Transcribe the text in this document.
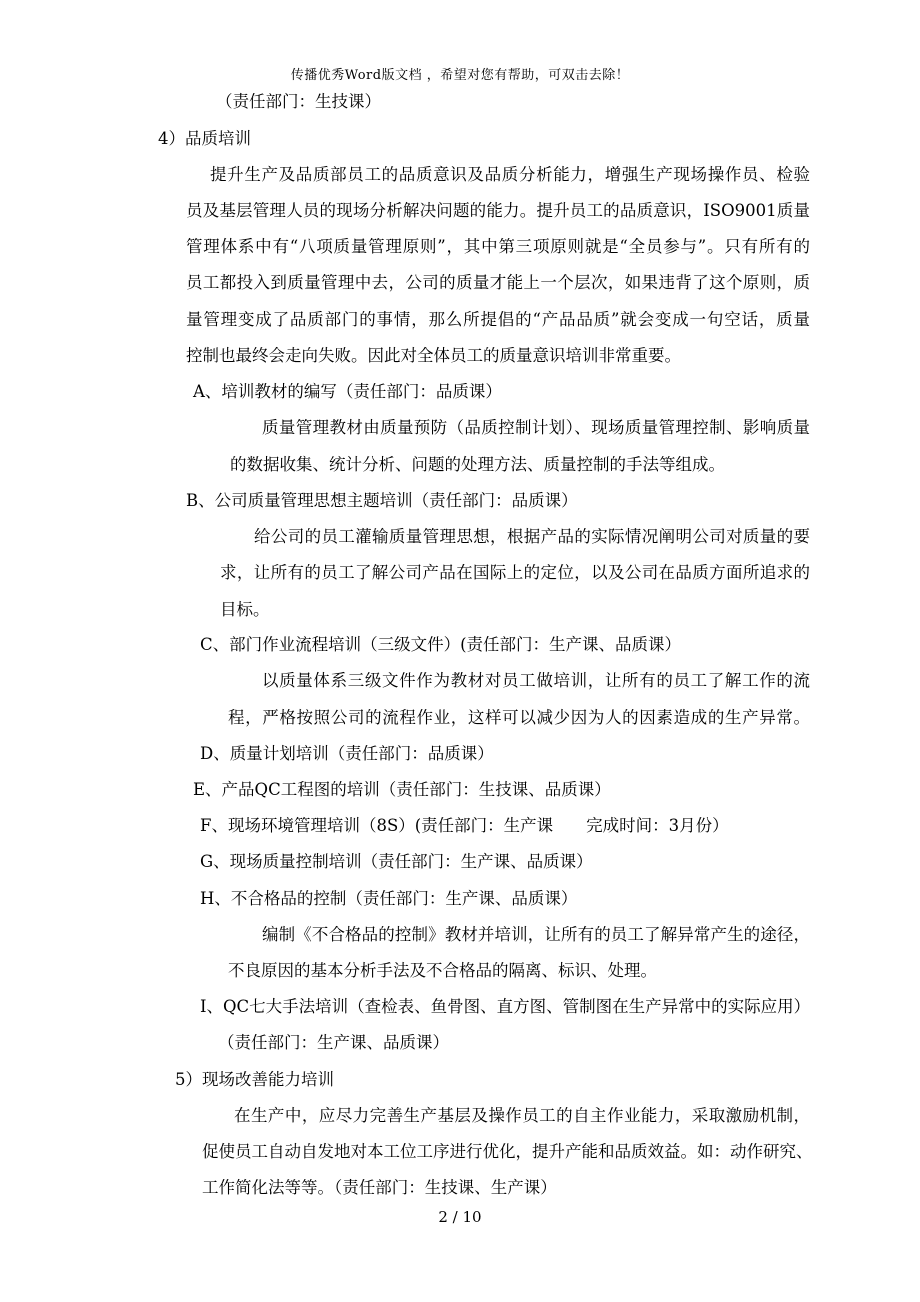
传播优秀Word版文档 ，希望对您有帮助，可双击去除！
（责任部门：生技课）
4）品质培训
提升生产及品质部员工的品质意识及品质分析能力，增强生产现场操作员、检验
员及基层管理人员的现场分析解决问题的能力。提升员工的品质意识，ISO9001质量
管理体系中有“八项质量管理原则”，其中第三项原则就是“全员参与”。只有所有的
员工都投入到质量管理中去，公司的质量才能上一个层次，如果违背了这个原则，质
量管理变成了品质部门的事情，那么所提倡的“产品品质”就会变成一句空话，质量
控制也最终会走向失败。因此对全体员工的质量意识培训非常重要。
A、培训教材的编写（责任部门：品质课）
质量管理教材由质量预防（品质控制计划）、现场质量管理控制、影响质量
的数据收集、统计分析、问题的处理方法、质量控制的手法等组成。
B、公司质量管理思想主题培训（责任部门：品质课）
给公司的员工灌输质量管理思想，根据产品的实际情况阐明公司对质量的要
求，让所有的员工了解公司产品在国际上的定位，以及公司在品质方面所追求的
目标。
C、部门作业流程培训（三级文件）(责任部门：生产课、品质课）
以质量体系三级文件作为教材对员工做培训，让所有的员工了解工作的流
程，严格按照公司的流程作业，这样可以减少因为人的因素造成的生产异常。
D、质量计划培训（责任部门：品质课）
E、产品QC工程图的培训（责任部门：生技课、品质课）
F、现场环境管理培训（8S）(责任部门：生产课　　完成时间：3月份）
G、现场质量控制培训（责任部门：生产课、品质课）
H、不合格品的控制（责任部门：生产课、品质课）
编制《不合格品的控制》教材并培训，让所有的员工了解异常产生的途径，
不良原因的基本分析手法及不合格品的隔离、标识、处理。
I、QC七大手法培训（查检表、鱼骨图、直方图、管制图在生产异常中的实际应用）
（责任部门：生产课、品质课）
5）现场改善能力培训
在生产中，应尽力完善生产基层及操作员工的自主作业能力，采取激励机制，
促使员工自动自发地对本工位工序进行优化，提升产能和品质效益。如：动作研究、
工作简化法等等。（责任部门：生技课、生产课）
2 / 10
